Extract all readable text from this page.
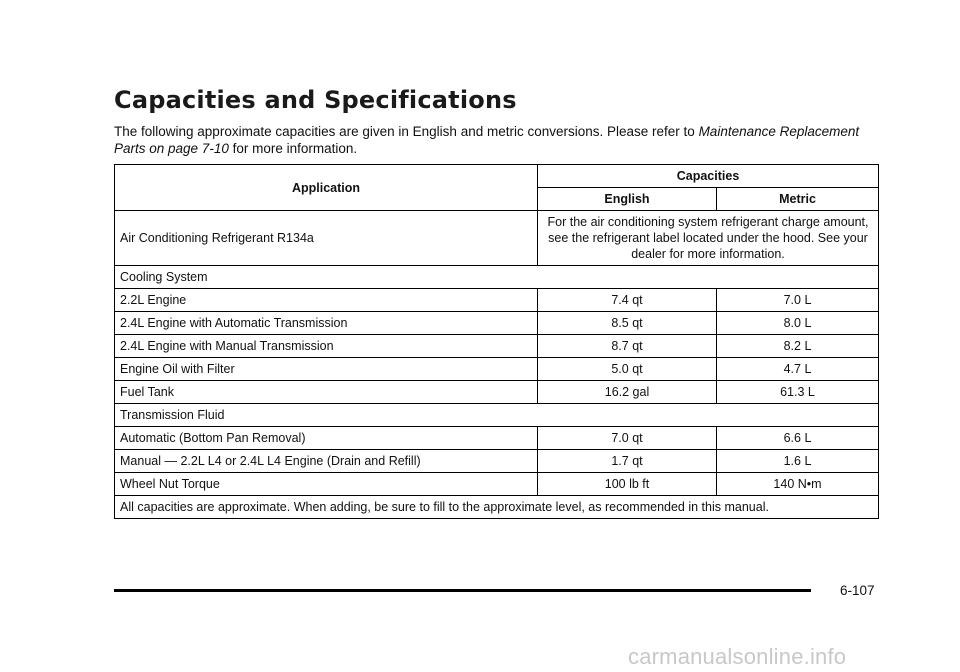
Capacities and Specifications

The following approximate capacities are given in English and metric conversions. Please refer to Maintenance Replacement Parts on page 7-10 for more information.

Application	Capacities	
	English	Metric
Air Conditioning Refrigerant R134a	For the air conditioning system refrigerant charge amount, see the refrigerant label located under the hood. See your dealer for more information.	
Cooling System		
2.2L Engine	7.4 qt	7.0 L
2.4L Engine with Automatic Transmission	8.5 qt	8.0 L
2.4L Engine with Manual Transmission	8.7 qt	8.2 L
Engine Oil with Filter	5.0 qt	4.7 L
Fuel Tank	16.2 gal	61.3 L
Transmission Fluid		
Automatic (Bottom Pan Removal)	7.0 qt	6.6 L
Manual — 2.2L L4 or 2.4L L4 Engine (Drain and Refill)	1.7 qt	1.6 L
Wheel Nut Torque	100 lb ft	140 N•m
All capacities are approximate. When adding, be sure to fill to the approximate level, as recommended in this manual.		
6-107
carmanualsonline.info
